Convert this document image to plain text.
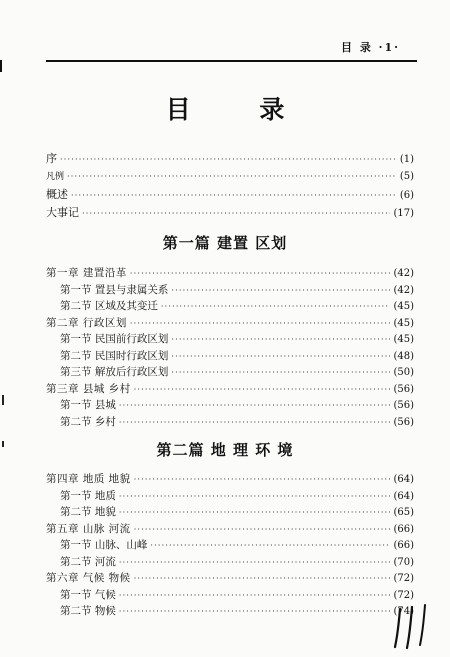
目 录 ·1·
目 录
序 ·····	(1)
凡例 ·····	(5)
概述 ·····	(6)
大事记 ·····	(17)
第一篇 建置 区划
第一章 建置沿革 ·····	(42)
第一节 置县与隶属关系 ·····	(42)
第二节 区域及其变迁 ·····	(45)
第二章 行政区划 ·····	(45)
第一节 民国前行政区划 ·····	(45)
第二节 民国时行政区划 ·····	(48)
第三节 解放后行政区划 ·····	(50)
第三章 县城 乡村 ·····	(56)
第一节 县城 ·····	(56)
第二节 乡村 ·····	(56)
第二篇 地 理 环 境
第四章 地质 地貌 ·····	(64)
第一节 地质 ·····	(64)
第二节 地貌 ·····	(65)
第五章 山脉 河流 ·····	(66)
第一节 山脉、山峰 ·····	(66)
第二节 河流 ·····	(70)
第六章 气候 物候 ·····	(72)
第一节 气候 ·····	(72)
第二节 物候 ·····	(74)
